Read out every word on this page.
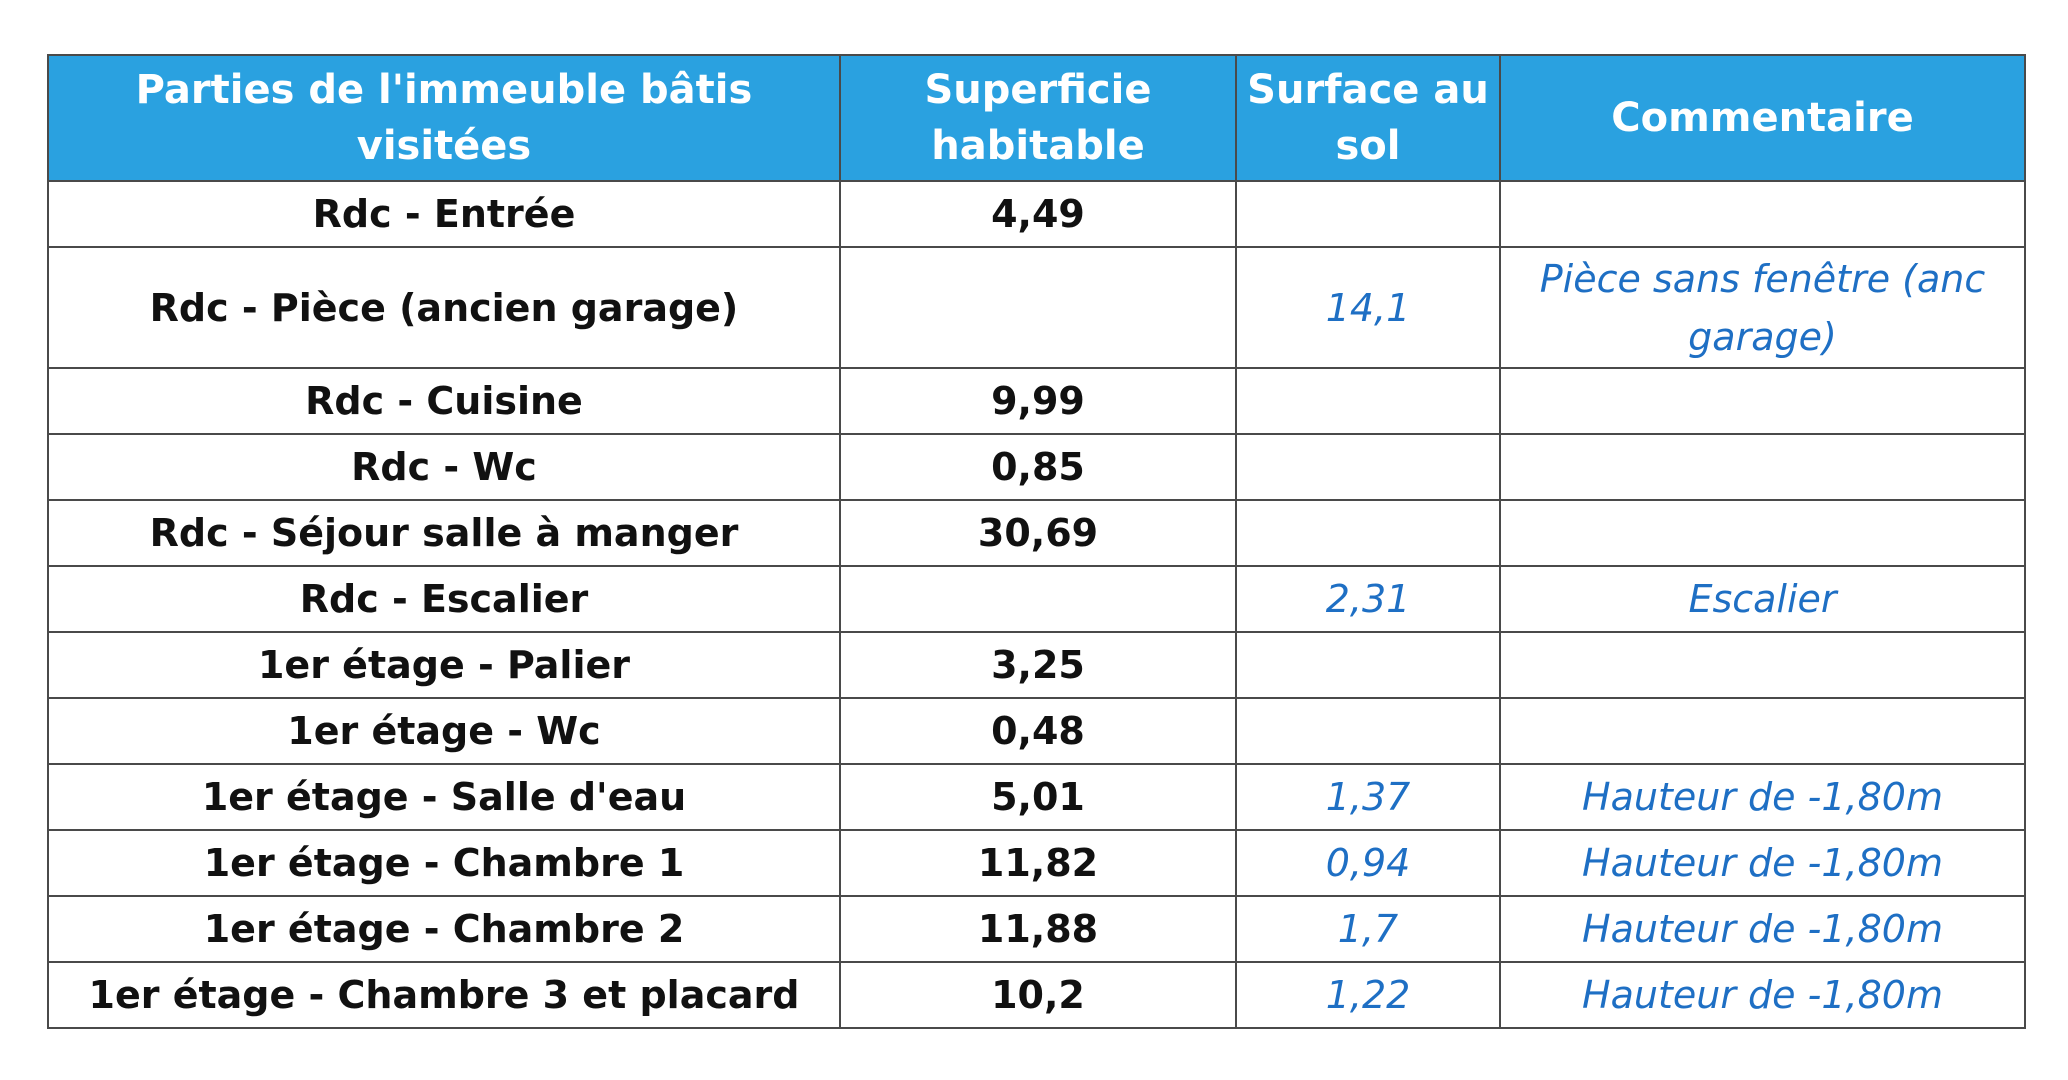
Parties de l'immeuble bâtis visitées	Superficie habitable	Surface au sol	Commentaire
Rdc - Entrée	4,49		
Rdc - Pièce (ancien garage)		14,1	Pièce sans fenêtre (anc garage)
Rdc - Cuisine	9,99		
Rdc - Wc	0,85		
Rdc - Séjour salle à manger	30,69		
Rdc - Escalier		2,31	Escalier
1er étage - Palier	3,25		
1er étage - Wc	0,48		
1er étage - Salle d'eau	5,01	1,37	Hauteur de -1,80m
1er étage - Chambre 1	11,82	0,94	Hauteur de -1,80m
1er étage - Chambre 2	11,88	1,7	Hauteur de -1,80m
1er étage - Chambre 3 et placard	10,2	1,22	Hauteur de -1,80m
